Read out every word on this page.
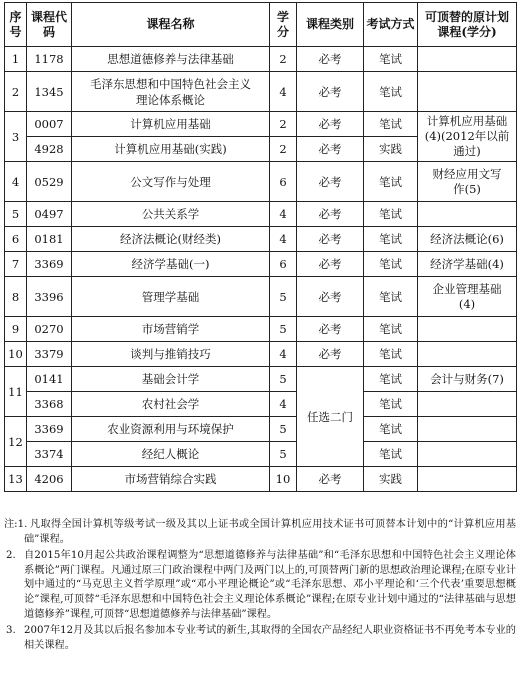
序号	课程代码	课程名称	学分	课程类别	考试方式	可顶替的原计划课程(学分)
1	1178	思想道德修养与法律基础	2	必考	笔试	
2	1345	毛泽东思想和中国特色社会主义理论体系概论	4	必考	笔试	
3	0007	计算机应用基础	2	必考	笔试	计算机应用基础(4)(2012年以前通过)
	4928	计算机应用基础(实践)	2	必考	实践	
4	0529	公文写作与处理	6	必考	笔试	财经应用文写作(5)
5	0497	公共关系学	4	必考	笔试	
6	0181	经济法概论(财经类)	4	必考	笔试	经济法概论(6)
7	3369	经济学基础(一)	6	必考	笔试	经济学基础(4)
8	3396	管理学基础	5	必考	笔试	企业管理基础(4)
9	0270	市场营销学	5	必考	笔试	
10	3379	谈判与推销技巧	4	必考	笔试	
11	0141	基础会计学	5	任选二门	笔试	会计与财务(7)
	3368	农村社会学	4		笔试	
12	3369	农业资源利用与环境保护	5		笔试	
	3374	经纪人概论	5		笔试	
13	4206	市场营销综合实践	10	必考	实践	

注:1. 凡取得全国计算机等级考试一级及其以上证书或全国计算机应用技术证书可顶替本计划中的“计算机应用基础”课程。

2. 自2015年10月起公共政治课程调整为“思想道德修养与法律基础”和“毛泽东思想和中国特色社会主义理论体系概论”两门课程。凡通过原三门政治课程中两门及两门以上的,可顶替两门新的思想政治理论课程;在原专业计划中通过的“马克思主义哲学原理”或“邓小平理论概论”或“毛泽东思想、邓小平理论和‘三个代表’重要思想概论”课程,可顶替“毛泽东思想和中国特色社会主义理论体系概论”课程;在原专业计划中通过的“法律基础与思想道德修养”课程,可顶替“思想道德修养与法律基础”课程。

3. 2007年12月及其以后报名参加本专业考试的新生,其取得的全国农产品经纪人职业资格证书不再免考本专业的相关课程。
